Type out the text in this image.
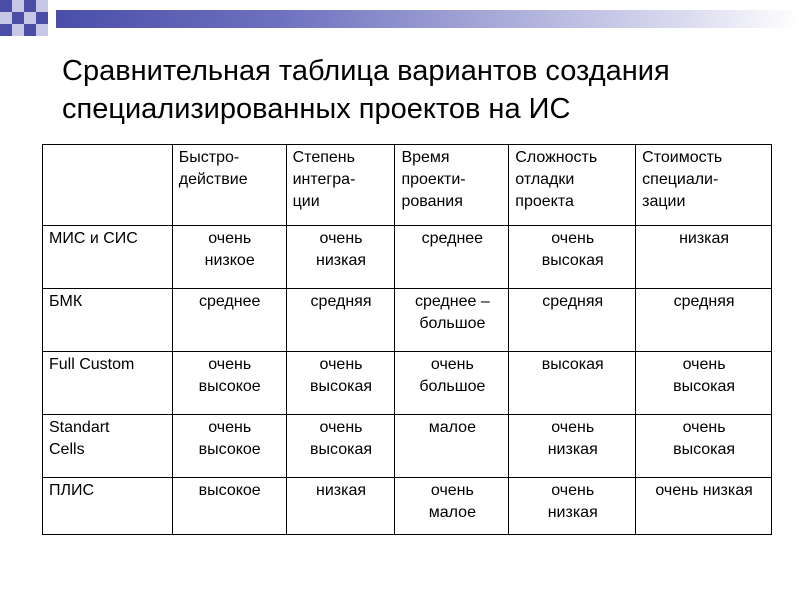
Сравнительная таблица вариантов создания
специализированных проектов на ИС

	Быстро-
действие	Степень
интегра-
ции	Время
проекти-
рования	Сложность
отладки
проекта	Стоимость
специали-
зации

МИС и СИС	очень
низкое	очень
низкая	среднее	очень
высокая	низкая

БМК	среднее	средняя	среднее –
большое	средняя	средняя

Full Custom	очень
высокое	очень
высокая	очень
большое	высокая	очень
высокая

Standart
Cells	очень
высокое	очень
высокая	малое	очень
низкая	очень
высокая

ПЛИС	высокое	низкая	очень
малое	очень
низкая	очень низкая
